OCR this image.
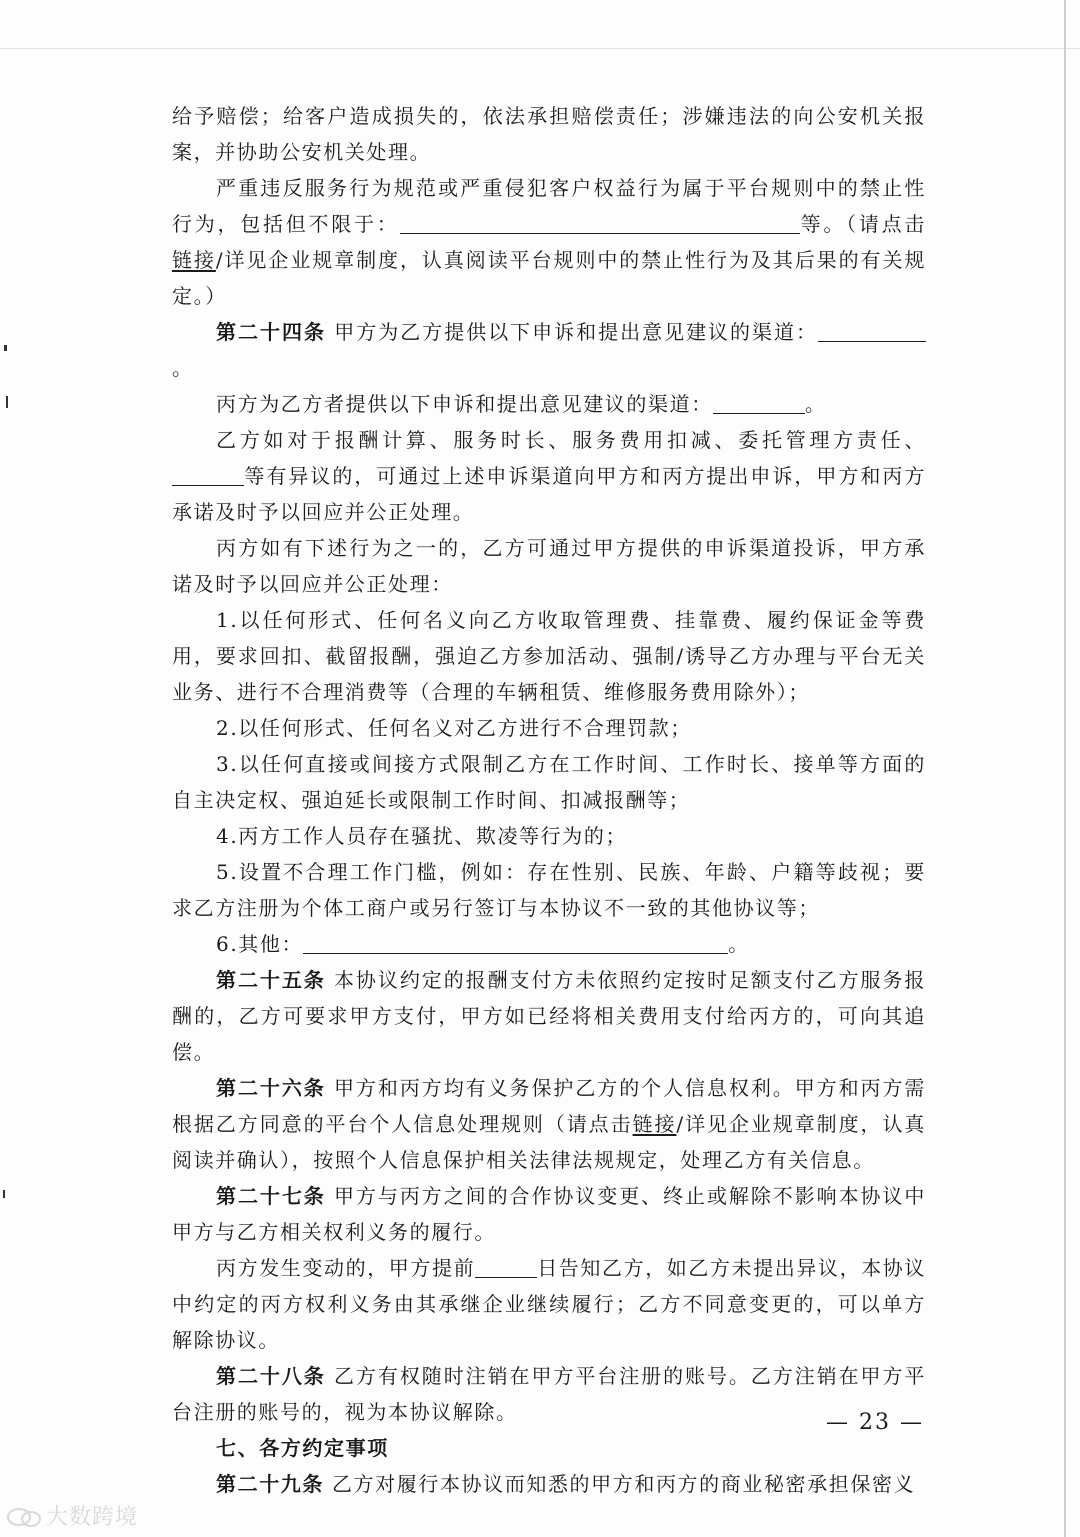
给予赔偿；给客户造成损失的，依法承担赔偿责任；涉嫌违法的向公安机关报案，并协助公安机关处理。

严重违反服务行为规范或严重侵犯客户权益行为属于平台规则中的禁止性行为，包括但不限于：	等。（请点击链接/详见企业规章制度，认真阅读平台规则中的禁止性行为及其后果的有关规定。）

第二十四条 甲方为乙方提供以下申诉和提出意见建议的渠道：。

丙方为乙方者提供以下申诉和提出意见建议的渠道：	。

乙方如对于报酬计算、服务时长、服务费用扣减、委托管理方责任、等有异议的，可通过上述申诉渠道向甲方和丙方提出申诉，甲方和丙方承诺及时予以回应并公正处理。

丙方如有下述行为之一的，乙方可通过甲方提供的申诉渠道投诉，甲方承诺及时予以回应并公正处理：

1.以任何形式、任何名义向乙方收取管理费、挂靠费、履约保证金等费用，要求回扣、截留报酬，强迫乙方参加活动、强制/诱导乙方办理与平台无关业务、进行不合理消费等（合理的车辆租赁、维修服务费用除外）；

2.以任何形式、任何名义对乙方进行不合理罚款；

3.以任何直接或间接方式限制乙方在工作时间、工作时长、接单等方面的自主决定权、强迫延长或限制工作时间、扣减报酬等；

4.丙方工作人员存在骚扰、欺凌等行为的；

5.设置不合理工作门槛，例如：存在性别、民族、年龄、户籍等歧视；要求乙方注册为个体工商户或另行签订与本协议不一致的其他协议等；

6.其他：	。

第二十五条 本协议约定的报酬支付方未依照约定按时足额支付乙方服务报酬的，乙方可要求甲方支付，甲方如已经将相关费用支付给丙方的，可向其追偿。

第二十六条 甲方和丙方均有义务保护乙方的个人信息权利。甲方和丙方需根据乙方同意的平台个人信息处理规则（请点击链接/详见企业规章制度，认真阅读并确认），按照个人信息保护相关法律法规规定，处理乙方有关信息。

第二十七条 甲方与丙方之间的合作协议变更、终止或解除不影响本协议中甲方与乙方相关权利义务的履行。

丙方发生变动的，甲方提前	日告知乙方，如乙方未提出异议，本协议中约定的丙方权利义务由其承继企业继续履行；乙方不同意变更的，可以单方解除协议。

第二十八条 乙方有权随时注销在甲方平台注册的账号。乙方注销在甲方平台注册的账号的，视为本协议解除。

七、各方约定事项

第二十九条 乙方对履行本协议而知悉的甲方和丙方的商业秘密承担保密义

— 23 —
大数跨境
